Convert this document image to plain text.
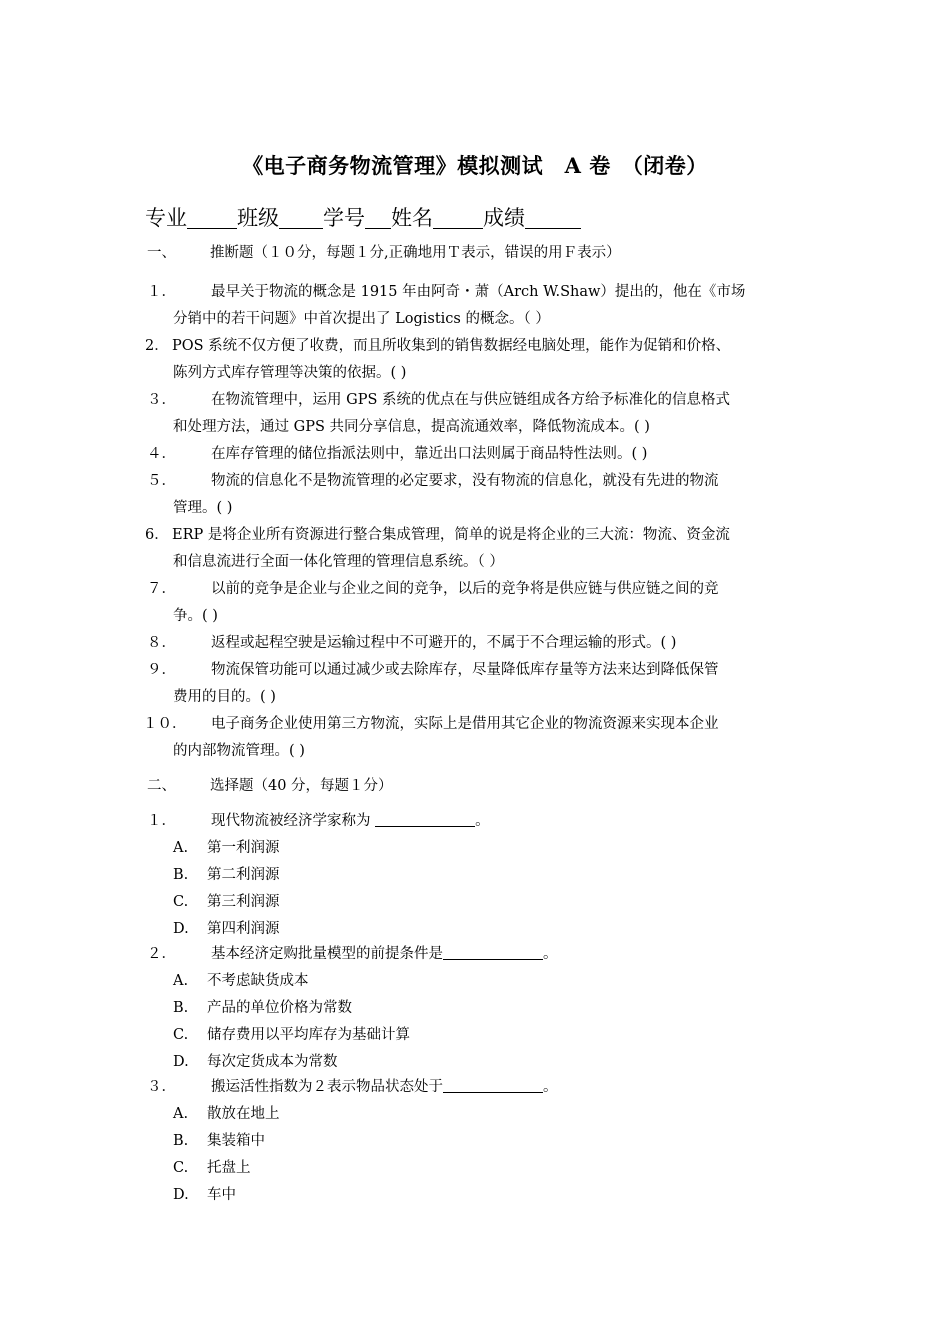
《电子商务物流管理》模拟测试　A 卷　（闭卷）
专业 班级 学号 姓名 成绩
一、 推断题（１０分，每题１分,正确地用Ｔ表示，错误的用Ｆ表示）
１． 最早关于物流的概念是 1915 年由阿奇・萧（Arch W.Shaw）提出的，他在《市场
分销中的若干问题》中首次提出了 Logistics 的概念。（ ）
2． POS 系统不仅方便了收费，而且所收集到的销售数据经电脑处理，能作为促销和价格、
陈列方式库存管理等决策的依据。( )
３． 在物流管理中，运用 GPS 系统的优点在与供应链组成各方给予标准化的信息格式
和处理方法，通过 GPS 共同分享信息，提高流通效率，降低物流成本。( )
４． 在库存管理的储位指派法则中，靠近出口法则属于商品特性法则。( )
５． 物流的信息化不是物流管理的必定要求，没有物流的信息化，就没有先进的物流
管理。( )
6． ERP 是将企业所有资源进行整合集成管理，简单的说是将企业的三大流：物流、资金流
和信息流进行全面一体化管理的管理信息系统。（ ）
７． 以前的竞争是企业与企业之间的竞争，以后的竞争将是供应链与供应链之间的竞
争。( )
８． 返程或起程空驶是运输过程中不可避开的，不属于不合理运输的形式。( )
９． 物流保管功能可以通过减少或去除库存，尽量降低库存量等方法来达到降低保管
费用的目的。( )
１０． 电子商务企业使用第三方物流，实际上是借用其它企业的物流资源来实现本企业
的内部物流管理。( )
二、 选择题（40 分，每题１分）
１． 现代物流被经济学家称为	。
A. 第一利润源
B. 第二利润源
C. 第三利润源
D. 第四利润源
２． 基本经济定购批量模型的前提条件是	。
A. 不考虑缺货成本
B. 产品的单位价格为常数
C. 储存费用以平均库存为基础计算
D. 每次定货成本为常数
３． 搬运活性指数为２表示物品状态处于	。
A. 散放在地上
B. 集装箱中
C. 托盘上
D. 车中
